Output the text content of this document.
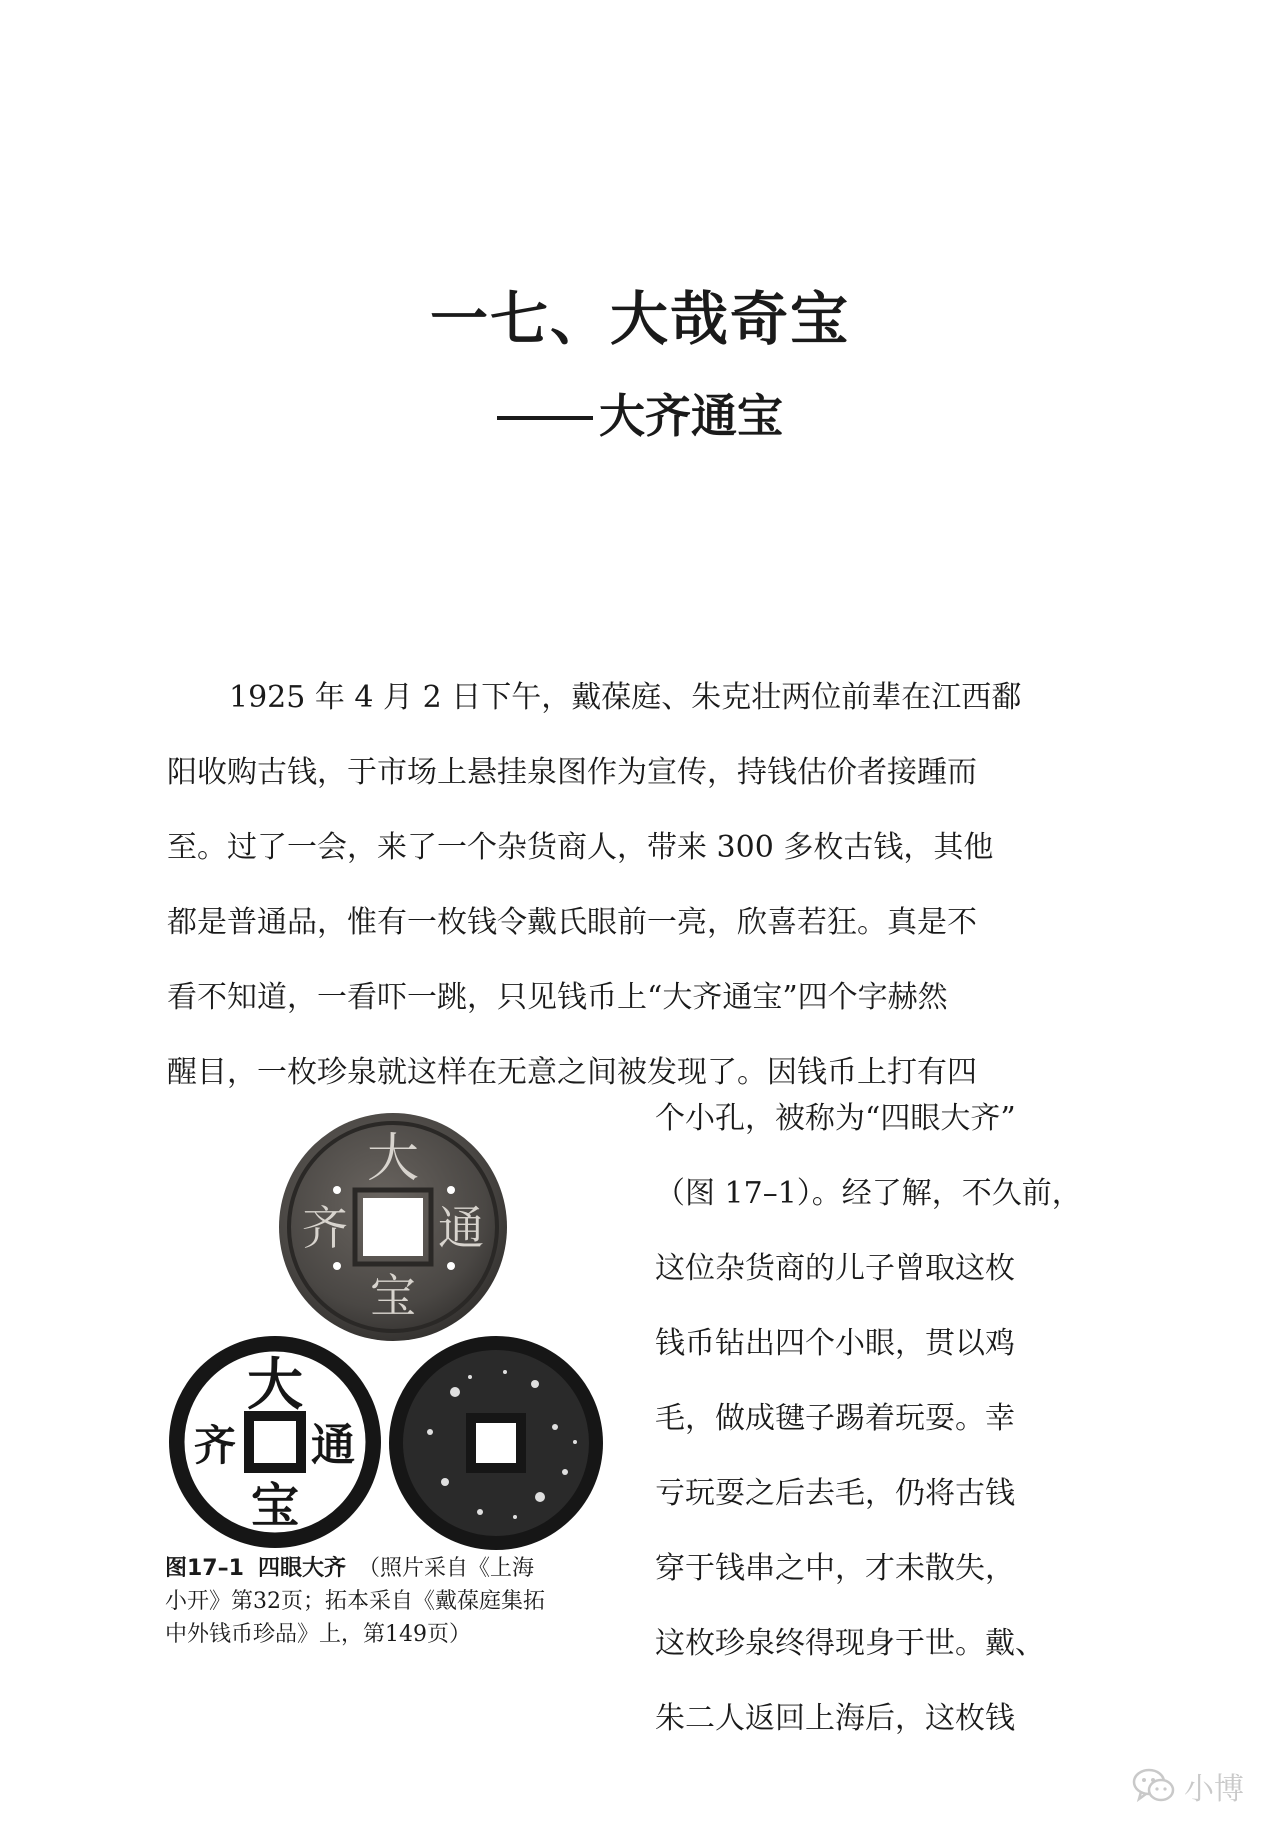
一七、大哉奇宝
大齐通宝
1925 年 4 月 2 日下午，戴葆庭、朱克壮两位前辈在江西鄱
阳收购古钱，于市场上悬挂泉图作为宣传，持钱估价者接踵而
至。过了一会，来了一个杂货商人，带来 300 多枚古钱，其他
都是普通品，惟有一枚钱令戴氏眼前一亮，欣喜若狂。真是不
看不知道，一看吓一跳，只见钱币上“大齐通宝”四个字赫然
醒目，一枚珍泉就这样在无意之间被发现了。因钱币上打有四
个小孔，被称为“四眼大齐”
（图 17–1）。经了解，不久前，
这位杂货商的儿子曾取这枚
钱币钻出四个小眼，贯以鸡
毛，做成毽子踢着玩耍。幸
亏玩耍之后去毛，仍将古钱
穿于钱串之中，才未散失，
这枚珍泉终得现身于世。戴、
朱二人返回上海后，这枚钱
大
通
宝
齐
大
通
宝
齐
图17–1 四眼大齐 （照片采自《上海
小开》第32页；拓本采自《戴葆庭集拓
中外钱币珍品》上，第149页）
小博
